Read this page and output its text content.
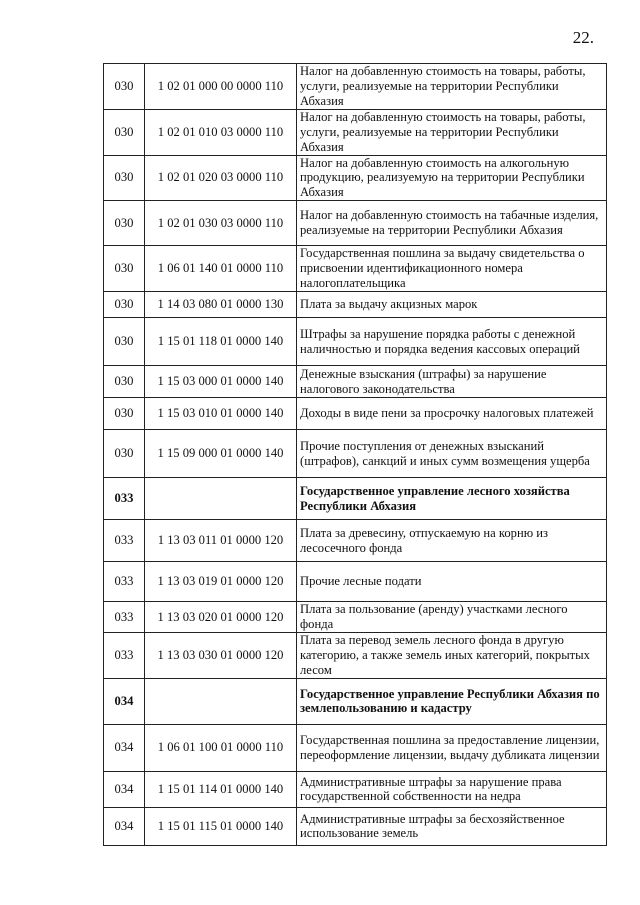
22.
030	1 02 01 000 00 0000 110	Налог на добавленную стоимость на товары, работы, услуги, реализуемые на территории Республики Абхазия
030	1 02 01 010 03 0000 110	Налог на добавленную стоимость на товары, работы, услуги, реализуемые на территории Республики Абхазия
030	1 02 01 020 03 0000 110	Налог на добавленную стоимость на алкогольную продукцию, реализуемую на территории Республики Абхазия
030	1 02 01 030 03 0000 110	Налог на добавленную стоимость на табачные изделия, реализуемые на территории Республики Абхазия
030	1 06 01 140 01 0000 110	Государственная пошлина за выдачу свидетельства о присвоении идентификационного номера налогоплательщика
030	1 14 03 080 01 0000 130	Плата за выдачу акцизных марок
030	1 15 01 118 01 0000 140	Штрафы за нарушение порядка работы с денежной наличностью и порядка ведения кассовых операций
030	1 15 03 000 01 0000 140	Денежные взыскания (штрафы) за нарушение налогового законодательства
030	1 15 03 010 01 0000 140	Доходы в виде пени за просрочку налоговых платежей
030	1 15 09 000 01 0000 140	Прочие поступления от денежных взысканий (штрафов), санкций и иных сумм возмещения ущерба
033		Государственное управление лесного хозяйства Республики Абхазия
033	1 13 03 011 01 0000 120	Плата за древесину, отпускаемую на корню из лесосечного фонда
033	1 13 03 019 01 0000 120	Прочие лесные подати
033	1 13 03 020 01 0000 120	Плата за пользование (аренду) участками лесного фонда
033	1 13 03 030 01 0000 120	Плата за перевод земель лесного фонда в другую категорию, а также земель иных категорий, покрытых лесом
034		Государственное управление Республики Абхазия по землепользованию и кадастру
034	1 06 01 100 01 0000 110	Государственная пошлина за предоставление лицензии, переоформление лицензии, выдачу дубликата лицензии
034	1 15 01 114 01 0000 140	Административные штрафы за нарушение права государственной собственности на недра
034	1 15 01 115 01 0000 140	Административные штрафы за бесхозяйственное использование земель
